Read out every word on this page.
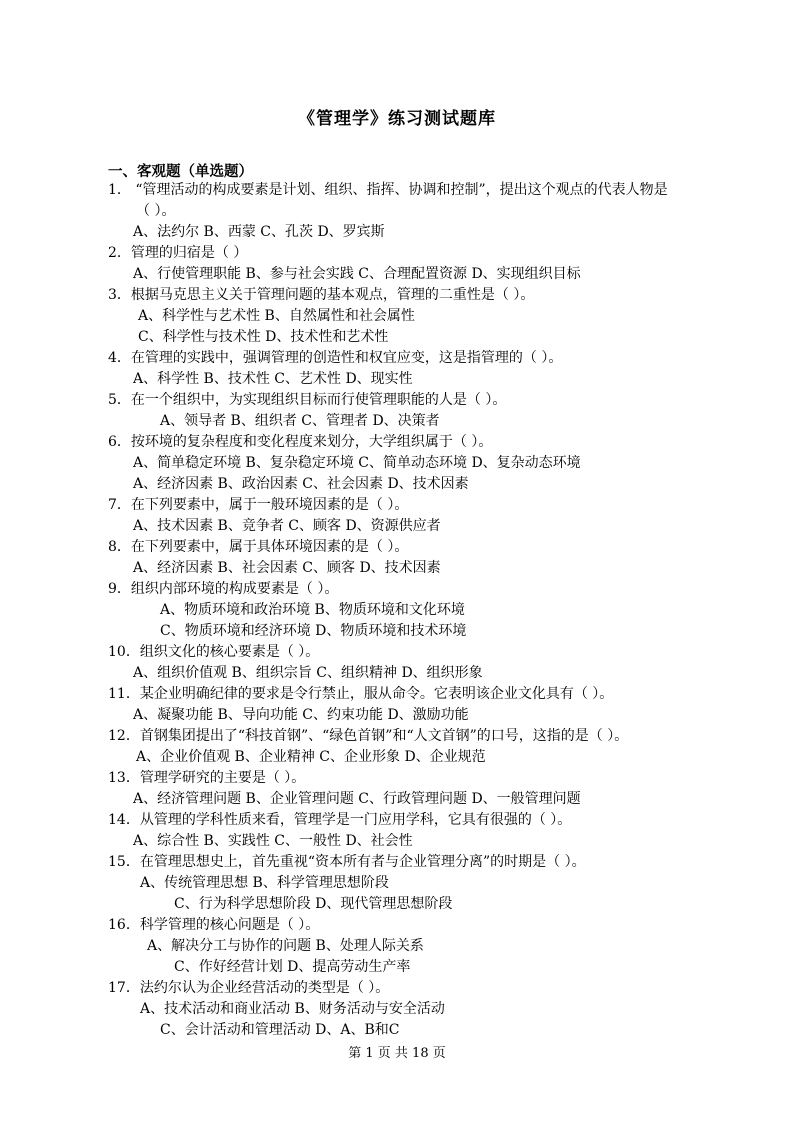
《管理学》练习测试题库
一、客观题（单选题）
1． “管理活动的构成要素是计划、组织、指挥、协调和控制”，提出这个观点的代表人物是
（ ）。
A、法约尔 B、西蒙 C、孔茨 D、罗宾斯
2．管理的归宿是（ ）
A、行使管理职能 B、参与社会实践 C、合理配置资源 D、实现组织目标
3．根据马克思主义关于管理问题的基本观点，管理的二重性是（ ）。
A、科学性与艺术性 B、自然属性和社会属性
C、科学性与技术性 D、技术性和艺术性
4．在管理的实践中，强调管理的创造性和权宜应变，这是指管理的（ ）。
A、科学性 B、技术性 C、艺术性 D、现实性
5．在一个组织中，为实现组织目标而行使管理职能的人是（ ）。
A、领导者 B、组织者 C、管理者 D、决策者
6．按环境的复杂程度和变化程度来划分，大学组织属于（ ）。
A、简单稳定环境 B、复杂稳定环境 C、简单动态环境 D、复杂动态环境
A、经济因素 B、政治因素 C、社会因素 D、技术因素
7．在下列要素中，属于一般环境因素的是（ ）。
A、技术因素 B、竞争者 C、顾客 D、资源供应者
8．在下列要素中，属于具体环境因素的是（ ）。
A、经济因素 B、社会因素 C、顾客 D、技术因素
9．组织内部环境的构成要素是（ ）。
A、物质环境和政治环境 B、物质环境和文化环境
C、物质环境和经济环境 D、物质环境和技术环境
10．组织文化的核心要素是（ ）。
A、组织价值观 B、组织宗旨 C、组织精神 D、组织形象
11．某企业明确纪律的要求是令行禁止，服从命令。它表明该企业文化具有（ ）。
A、凝聚功能 B、导向功能 C、约束功能 D、激励功能
12．首钢集团提出了“科技首钢”、“绿色首钢”和“人文首钢”的口号，这指的是（ ）。
A、企业价值观 B、企业精神 C、企业形象 D、企业规范
13．管理学研究的主要是（ ）。
A、经济管理问题 B、企业管理问题 C、行政管理问题 D、一般管理问题
14．从管理的学科性质来看，管理学是一门应用学科，它具有很强的（ ）。
A、综合性 B、实践性 C、一般性 D、社会性
15．在管理思想史上，首先重视“资本所有者与企业管理分离”的时期是（ ）。
A、传统管理思想 B、科学管理思想阶段
C、行为科学思想阶段 D、现代管理思想阶段
16．科学管理的核心问题是（ ）。
A、解决分工与协作的问题 B、处理人际关系
C、作好经营计划 D、提高劳动生产率
17．法约尔认为企业经营活动的类型是（ ）。
A、技术活动和商业活动 B、财务活动与安全活动
C、会计活动和管理活动 D、A、B和C
第 1 页 共 18 页
